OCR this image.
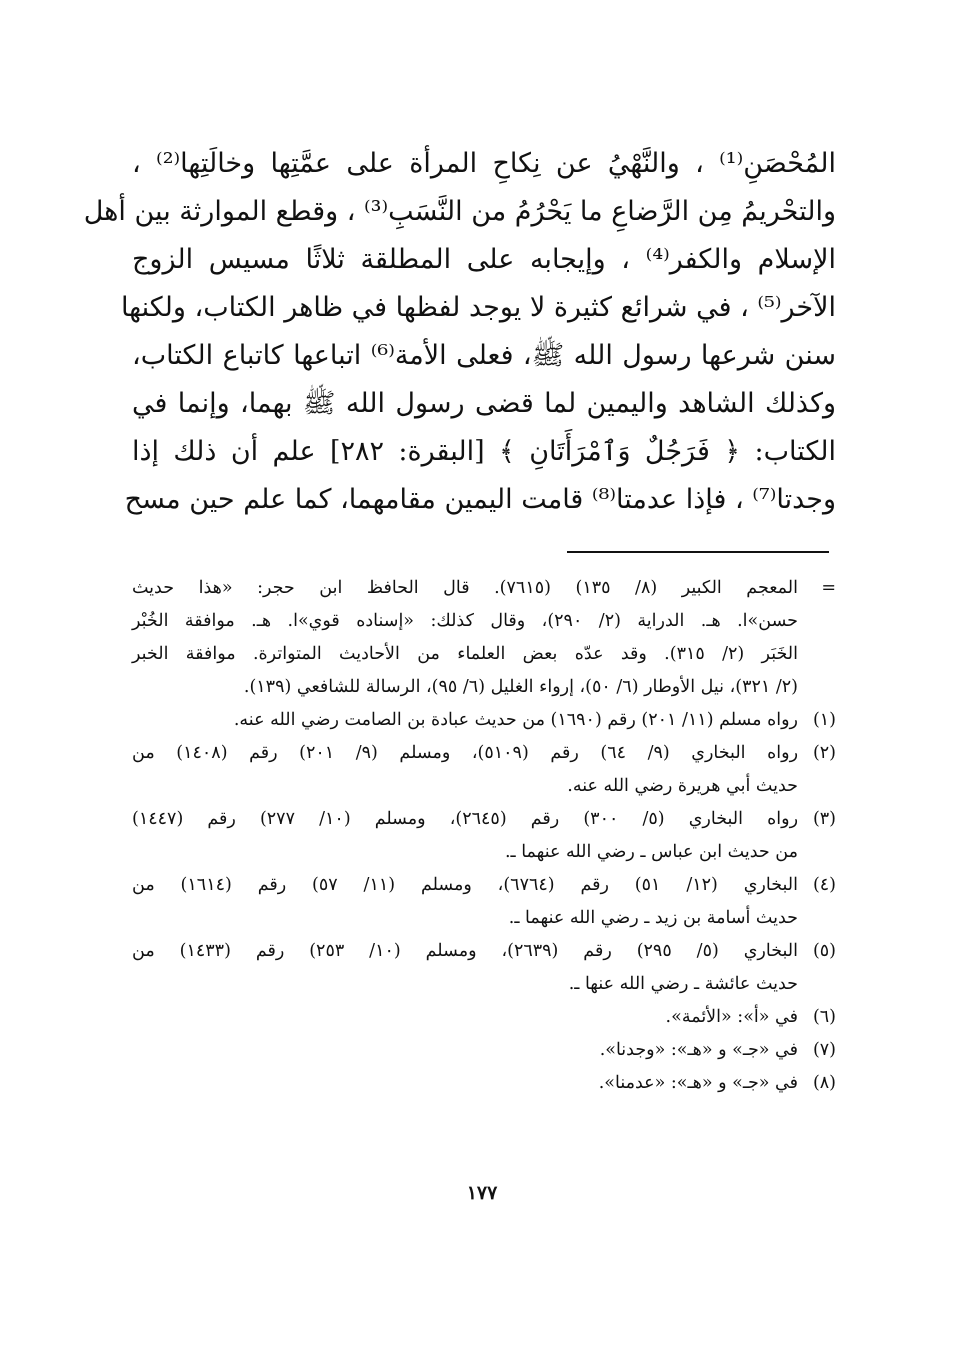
المُحْصَنِ⁽¹⁾ ، والنَّهْيُ عن نِكاحِ المرأة على عمَّتِها وخالَتِها⁽²⁾ ،
والتحْريمُ مِن الرَّضاعِ ما يَحْرُمُ من النَّسَبِ⁽³⁾ ، وقطع الموارثة بين أهل
الإسلام والكفر⁽⁴⁾ ، وإيجابه على المطلقة ثلاثًا مسيس الزوج
الآخر⁽⁵⁾ ، في شرائع كثيرة لا يوجد لفظها في ظاهر الكتاب، ولكنها
سنن شرعها رسول الله ﷺ، فعلى الأمة⁽⁶⁾ اتباعها كاتباع الكتاب،
وكذلك الشاهد واليمين لما قضى رسول الله ﷺ بهما، وإنما في
الكتاب: ﴿ فَرَجُلٌ وَٱمْرَأَتَانِ ﴾ [البقرة: ٢٨٢] علم أن ذلك إذا
وجدتا⁽⁷⁾ ، فإذا عدمتا⁽⁸⁾ قامت اليمين مقامهما، كما علم حين مسح
=
المعجم الكبير (٨/ ١٣٥) (٧٦١٥). قال الحافظ ابن حجر: «هذا حديث
حسن»ا. هـ. الدراية (٢/ ٢٩٠)، وقال كذلك: «إسناده قوي»ا. هـ. موافقة الخُبْر
الخَبَر (٢/ ٣١٥). وقد عدّه بعض العلماء من الأحاديث المتواترة. موافقة الخبر
(٢/ ٣٢١)، نيل الأوطار (٦/ ٥٠)، إرواء الغليل (٦/ ٩٥)، الرسالة للشافعي (١٣٩).
(١)
رواه مسلم (١١/ ٢٠١) رقم (١٦٩٠) من حديث عبادة بن الصامت رضي الله عنه.
(٢)
رواه البخاري (٩/ ٦٤) رقم (٥١٠٩)، ومسلم (٩/ ٢٠١) رقم (١٤٠٨) من
حديث أبي هريرة رضي الله عنه.
(٣)
رواه البخاري (٥/ ٣٠٠) رقم (٢٦٤٥)، ومسلم (١٠/ ٢٧٧) رقم (١٤٤٧)
من حديث ابن عباس ـ رضي الله عنهما ـ.
(٤)
البخاري (١٢/ ٥١) رقم (٦٧٦٤)، ومسلم (١١/ ٥٧) رقم (١٦١٤) من
حديث أسامة بن زيد ـ رضي الله عنهما ـ.
(٥)
البخاري (٥/ ٢٩٥) رقم (٢٦٣٩)، ومسلم (١٠/ ٢٥٣) رقم (١٤٣٣) من
حديث عائشة ـ رضي الله عنها ـ.
(٦)
في «أ»: «الأئمة».
(٧)
في «جـ» و «هـ»: «وجدنا».
(٨)
في «جـ» و «هـ»: «عدمنا».
١٧٧
